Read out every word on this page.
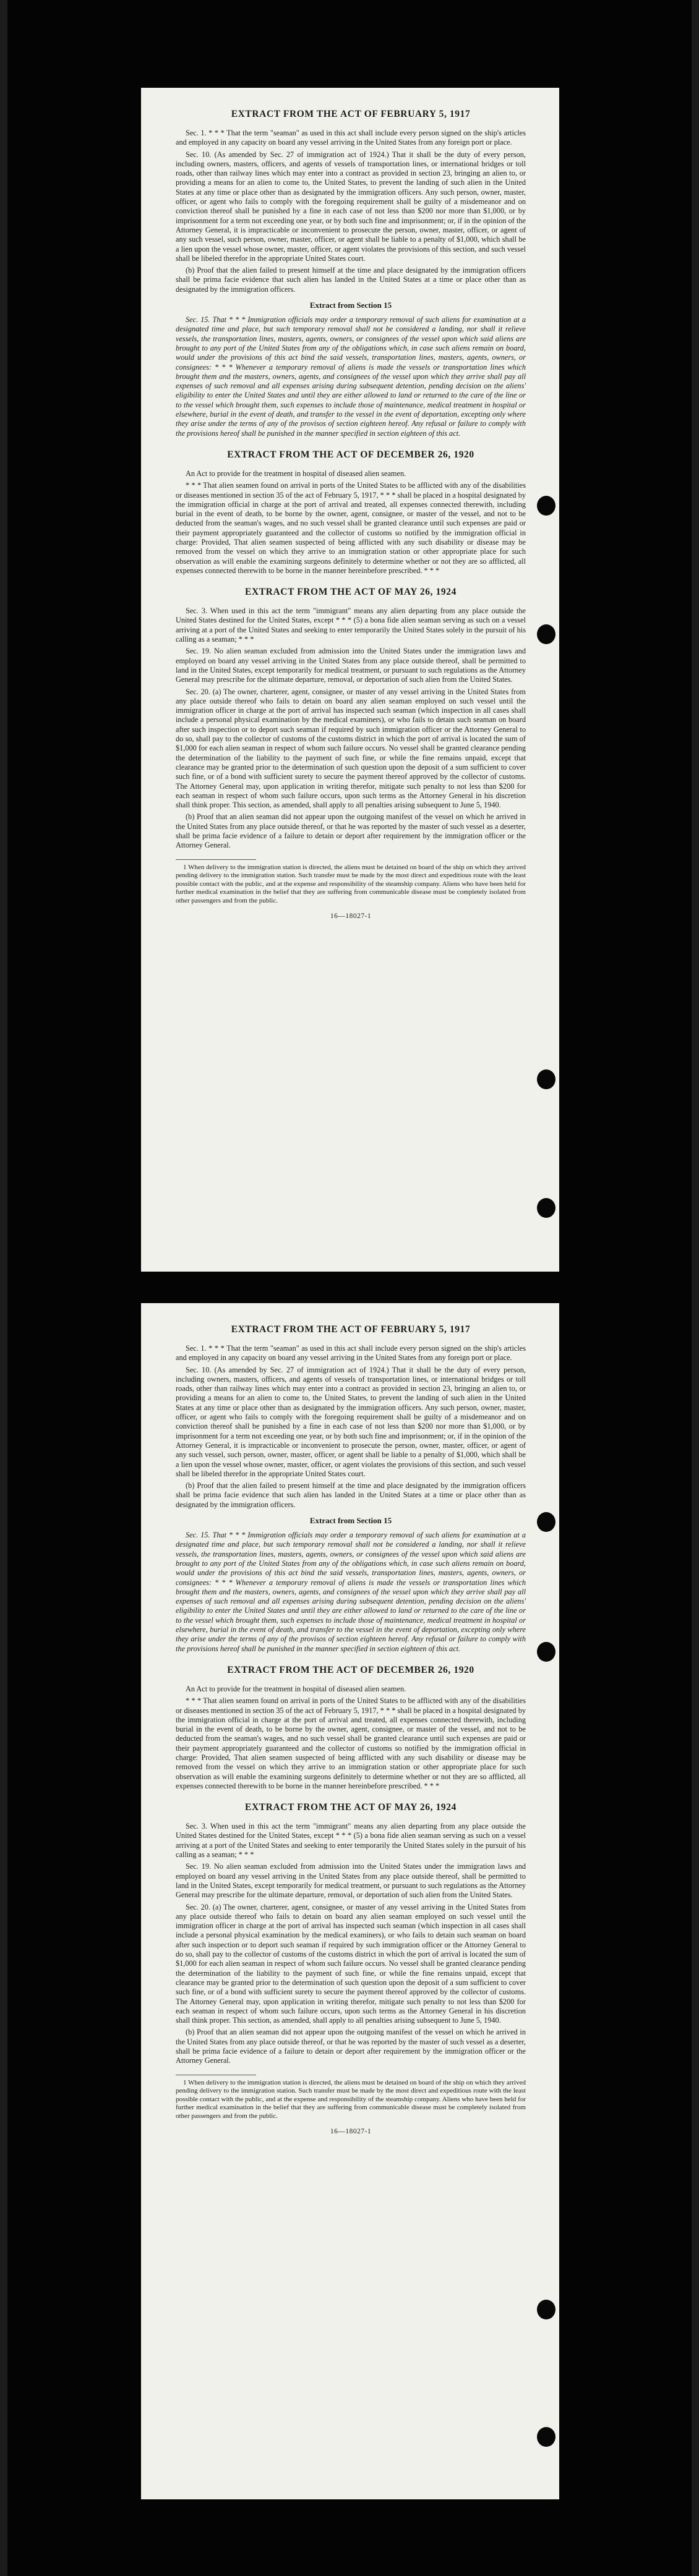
EXTRACT FROM THE ACT OF FEBRUARY 5, 1917

Sec. 1. * * * That the term "seaman" as used in this act shall include every person signed on the ship's articles and employed in any capacity on board any vessel arriving in the United States from any foreign port or place.

Sec. 10. (As amended by Sec. 27 of immigration act of 1924.) That it shall be the duty of every person, including owners, masters, officers, and agents of vessels of transportation lines, or international bridges or toll roads, other than railway lines which may enter into a contract as provided in section 23, bringing an alien to, or providing a means for an alien to come to, the United States, to prevent the landing of such alien in the United States at any time or place other than as designated by the immigration officers. Any such person, owner, master, officer, or agent who fails to comply with the foregoing requirement shall be guilty of a misdemeanor and on conviction thereof shall be punished by a fine in each case of not less than $200 nor more than $1,000, or by imprisonment for a term not exceeding one year, or by both such fine and imprisonment; or, if in the opinion of the Attorney General, it is impracticable or inconvenient to prosecute the person, owner, master, officer, or agent of any such vessel, such person, owner, master, officer, or agent shall be liable to a penalty of $1,000, which shall be a lien upon the vessel whose owner, master, officer, or agent violates the provisions of this section, and such vessel shall be libeled therefor in the appropriate United States court.

(b) Proof that the alien failed to present himself at the time and place designated by the immigration officers shall be prima facie evidence that such alien has landed in the United States at a time or place other than as designated by the immigration officers.

Extract from Section 15

Sec. 15. That * * * Immigration officials may order a temporary removal of such aliens for examination at a designated time and place, but such temporary removal shall not be considered a landing, nor shall it relieve vessels, the transportation lines, masters, agents, owners, or consignees of the vessel upon which said aliens are brought to any port of the United States from any of the obligations which, in case such aliens remain on board, would under the provisions of this act bind the said vessels, transportation lines, masters, agents, owners, or consignees: * * * Whenever a temporary removal of aliens is made the vessels or transportation lines which brought them and the masters, owners, agents, and consignees of the vessel upon which they arrive shall pay all expenses of such removal and all expenses arising during subsequent detention, pending decision on the aliens' eligibility to enter the United States and until they are either allowed to land or returned to the care of the line or to the vessel which brought them, such expenses to include those of maintenance, medical treatment in hospital or elsewhere, burial in the event of death, and transfer to the vessel in the event of deportation, excepting only where they arise under the terms of any of the provisos of section eighteen hereof. Any refusal or failure to comply with the provisions hereof shall be punished in the manner specified in section eighteen of this act.

EXTRACT FROM THE ACT OF DECEMBER 26, 1920

An Act to provide for the treatment in hospital of diseased alien seamen.

* * * That alien seamen found on arrival in ports of the United States to be afflicted with any of the disabilities or diseases mentioned in section 35 of the act of February 5, 1917, * * * shall be placed in a hospital designated by the immigration official in charge at the port of arrival and treated, all expenses connected therewith, including burial in the event of death, to be borne by the owner, agent, consignee, or master of the vessel, and not to be deducted from the seaman's wages, and no such vessel shall be granted clearance until such expenses are paid or their payment appropriately guaranteed and the collector of customs so notified by the immigration official in charge: Provided, That alien seamen suspected of being afflicted with any such disability or disease may be removed from the vessel on which they arrive to an immigration station or other appropriate place for such observation as will enable the examining surgeons definitely to determine whether or not they are so afflicted, all expenses connected therewith to be borne in the manner hereinbefore prescribed. * * *

EXTRACT FROM THE ACT OF MAY 26, 1924

Sec. 3. When used in this act the term "immigrant" means any alien departing from any place outside the United States destined for the United States, except * * * (5) a bona fide alien seaman serving as such on a vessel arriving at a port of the United States and seeking to enter temporarily the United States solely in the pursuit of his calling as a seaman; * * *

Sec. 19. No alien seaman excluded from admission into the United States under the immigration laws and employed on board any vessel arriving in the United States from any place outside thereof, shall be permitted to land in the United States, except temporarily for medical treatment, or pursuant to such regulations as the Attorney General may prescribe for the ultimate departure, removal, or deportation of such alien from the United States.

Sec. 20. (a) The owner, charterer, agent, consignee, or master of any vessel arriving in the United States from any place outside thereof who fails to detain on board any alien seaman employed on such vessel until the immigration officer in charge at the port of arrival has inspected such seaman (which inspection in all cases shall include a personal physical examination by the medical examiners), or who fails to detain such seaman on board after such inspection or to deport such seaman if required by such immigration officer or the Attorney General to do so, shall pay to the collector of customs of the customs district in which the port of arrival is located the sum of $1,000 for each alien seaman in respect of whom such failure occurs. No vessel shall be granted clearance pending the determination of the liability to the payment of such fine, or while the fine remains unpaid, except that clearance may be granted prior to the determination of such question upon the deposit of a sum sufficient to cover such fine, or of a bond with sufficient surety to secure the payment thereof approved by the collector of customs. The Attorney General may, upon application in writing therefor, mitigate such penalty to not less than $200 for each seaman in respect of whom such failure occurs, upon such terms as the Attorney General in his discretion shall think proper. This section, as amended, shall apply to all penalties arising subsequent to June 5, 1940.

(b) Proof that an alien seaman did not appear upon the outgoing manifest of the vessel on which he arrived in the United States from any place outside thereof, or that he was reported by the master of such vessel as a deserter, shall be prima facie evidence of a failure to detain or deport after requirement by the immigration officer or the Attorney General.

1 When delivery to the immigration station is directed, the aliens must be detained on board of the ship on which they arrived pending delivery to the immigration station. Such transfer must be made by the most direct and expeditious route with the least possible contact with the public, and at the expense and responsibility of the steamship company. Aliens who have been held for further medical examination in the belief that they are suffering from communicable disease must be completely isolated from other passengers and from the public.

16—18027-1
EXTRACT FROM THE ACT OF FEBRUARY 5, 1917

Sec. 1. * * * That the term "seaman" as used in this act shall include every person signed on the ship's articles and employed in any capacity on board any vessel arriving in the United States from any foreign port or place.

Sec. 10. (As amended by Sec. 27 of immigration act of 1924.) That it shall be the duty of every person, including owners, masters, officers, and agents of vessels of transportation lines, or international bridges or toll roads, other than railway lines which may enter into a contract as provided in section 23, bringing an alien to, or providing a means for an alien to come to, the United States, to prevent the landing of such alien in the United States at any time or place other than as designated by the immigration officers. Any such person, owner, master, officer, or agent who fails to comply with the foregoing requirement shall be guilty of a misdemeanor and on conviction thereof shall be punished by a fine in each case of not less than $200 nor more than $1,000, or by imprisonment for a term not exceeding one year, or by both such fine and imprisonment; or, if in the opinion of the Attorney General, it is impracticable or inconvenient to prosecute the person, owner, master, officer, or agent of any such vessel, such person, owner, master, officer, or agent shall be liable to a penalty of $1,000, which shall be a lien upon the vessel whose owner, master, officer, or agent violates the provisions of this section, and such vessel shall be libeled therefor in the appropriate United States court.

(b) Proof that the alien failed to present himself at the time and place designated by the immigration officers shall be prima facie evidence that such alien has landed in the United States at a time or place other than as designated by the immigration officers.

Extract from Section 15

Sec. 15. That * * * Immigration officials may order a temporary removal of such aliens for examination at a designated time and place, but such temporary removal shall not be considered a landing, nor shall it relieve vessels, the transportation lines, masters, agents, owners, or consignees of the vessel upon which said aliens are brought to any port of the United States from any of the obligations which, in case such aliens remain on board, would under the provisions of this act bind the said vessels, transportation lines, masters, agents, owners, or consignees: * * * Whenever a temporary removal of aliens is made the vessels or transportation lines which brought them and the masters, owners, agents, and consignees of the vessel upon which they arrive shall pay all expenses of such removal and all expenses arising during subsequent detention, pending decision on the aliens' eligibility to enter the United States and until they are either allowed to land or returned to the care of the line or to the vessel which brought them, such expenses to include those of maintenance, medical treatment in hospital or elsewhere, burial in the event of death, and transfer to the vessel in the event of deportation, excepting only where they arise under the terms of any of the provisos of section eighteen hereof. Any refusal or failure to comply with the provisions hereof shall be punished in the manner specified in section eighteen of this act.

EXTRACT FROM THE ACT OF DECEMBER 26, 1920

An Act to provide for the treatment in hospital of diseased alien seamen.

* * * That alien seamen found on arrival in ports of the United States to be afflicted with any of the disabilities or diseases mentioned in section 35 of the act of February 5, 1917, * * * shall be placed in a hospital designated by the immigration official in charge at the port of arrival and treated, all expenses connected therewith, including burial in the event of death, to be borne by the owner, agent, consignee, or master of the vessel, and not to be deducted from the seaman's wages, and no such vessel shall be granted clearance until such expenses are paid or their payment appropriately guaranteed and the collector of customs so notified by the immigration official in charge: Provided, That alien seamen suspected of being afflicted with any such disability or disease may be removed from the vessel on which they arrive to an immigration station or other appropriate place for such observation as will enable the examining surgeons definitely to determine whether or not they are so afflicted, all expenses connected therewith to be borne in the manner hereinbefore prescribed. * * *

EXTRACT FROM THE ACT OF MAY 26, 1924

Sec. 3. When used in this act the term "immigrant" means any alien departing from any place outside the United States destined for the United States, except * * * (5) a bona fide alien seaman serving as such on a vessel arriving at a port of the United States and seeking to enter temporarily the United States solely in the pursuit of his calling as a seaman; * * *

Sec. 19. No alien seaman excluded from admission into the United States under the immigration laws and employed on board any vessel arriving in the United States from any place outside thereof, shall be permitted to land in the United States, except temporarily for medical treatment, or pursuant to such regulations as the Attorney General may prescribe for the ultimate departure, removal, or deportation of such alien from the United States.

Sec. 20. (a) The owner, charterer, agent, consignee, or master of any vessel arriving in the United States from any place outside thereof who fails to detain on board any alien seaman employed on such vessel until the immigration officer in charge at the port of arrival has inspected such seaman (which inspection in all cases shall include a personal physical examination by the medical examiners), or who fails to detain such seaman on board after such inspection or to deport such seaman if required by such immigration officer or the Attorney General to do so, shall pay to the collector of customs of the customs district in which the port of arrival is located the sum of $1,000 for each alien seaman in respect of whom such failure occurs. No vessel shall be granted clearance pending the determination of the liability to the payment of such fine, or while the fine remains unpaid, except that clearance may be granted prior to the determination of such question upon the deposit of a sum sufficient to cover such fine, or of a bond with sufficient surety to secure the payment thereof approved by the collector of customs. The Attorney General may, upon application in writing therefor, mitigate such penalty to not less than $200 for each seaman in respect of whom such failure occurs, upon such terms as the Attorney General in his discretion shall think proper. This section, as amended, shall apply to all penalties arising subsequent to June 5, 1940.

(b) Proof that an alien seaman did not appear upon the outgoing manifest of the vessel on which he arrived in the United States from any place outside thereof, or that he was reported by the master of such vessel as a deserter, shall be prima facie evidence of a failure to detain or deport after requirement by the immigration officer or the Attorney General.

1 When delivery to the immigration station is directed, the aliens must be detained on board of the ship on which they arrived pending delivery to the immigration station. Such transfer must be made by the most direct and expeditious route with the least possible contact with the public, and at the expense and responsibility of the steamship company. Aliens who have been held for further medical examination in the belief that they are suffering from communicable disease must be completely isolated from other passengers and from the public.

16—18027-1
